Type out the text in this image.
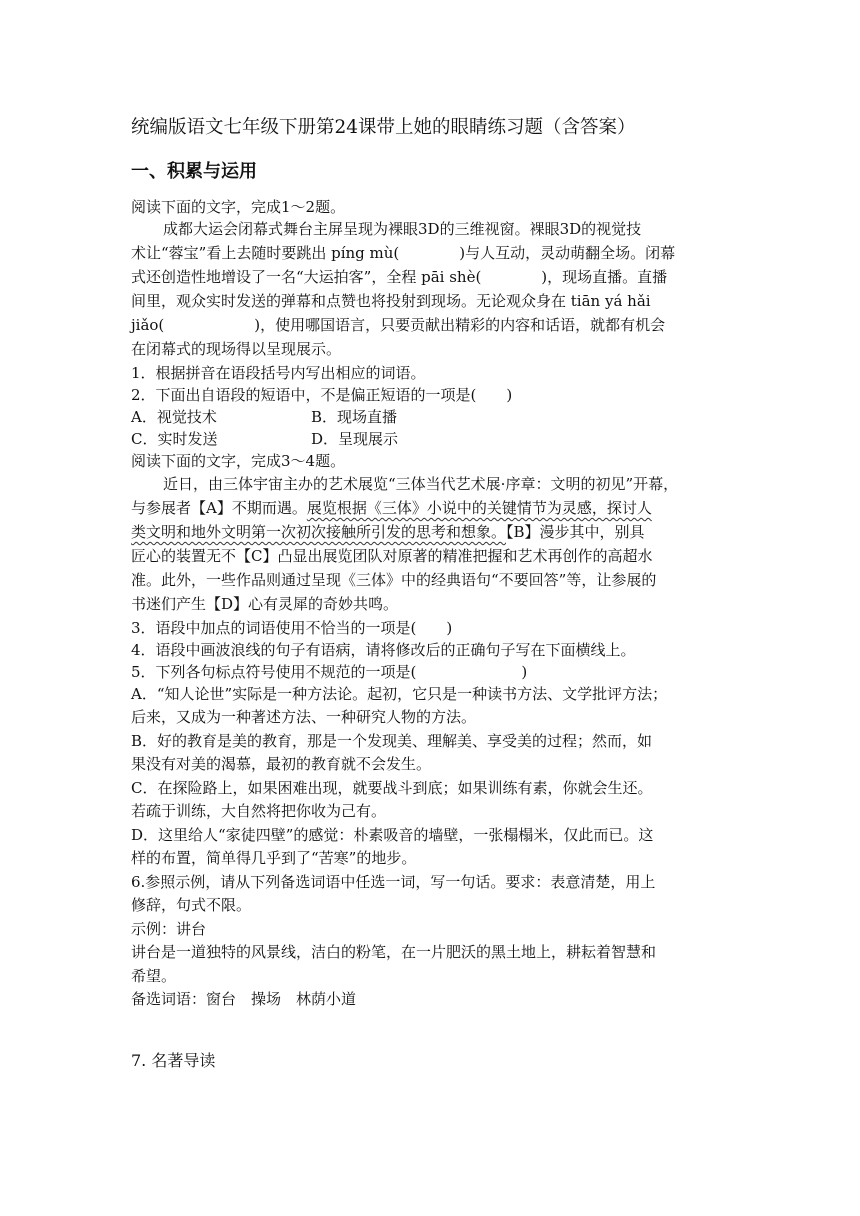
统编版语文七年级下册第24课带上她的眼睛练习题（含答案）
一、积累与运用
阅读下面的文字，完成1～2题。
成都大运会闭幕式舞台主屏呈现为裸眼3D的三维视窗。裸眼3D的视觉技
术让“蓉宝”看上去随时要跳出 píng mù(　　　　)与人互动，灵动萌翻全场。闭幕
式还创造性地增设了一名“大运拍客”，全程 pāi shè(　　　　)，现场直播。直播
间里，观众实时发送的弹幕和点赞也将投射到现场。无论观众身在 tiān yá hǎi
jiǎo(　　　　　　)，使用哪国语言，只要贡献出精彩的内容和话语，就都有机会
在闭幕式的现场得以呈现展示。
1．根据拼音在语段括号内写出相应的词语。
2．下面出自语段的短语中，不是偏正短语的一项是(　　)
A．视觉技术	B．现场直播
C．实时发送	D．呈现展示
阅读下面的文字，完成3～4题。
近日，由三体宇宙主办的艺术展览“三体当代艺术展·序章：文明的初见”开幕，
与参展者【A】不期而遇。展览根据《三体》小说中的关键情节为灵感，探讨人
类文明和地外文明第一次初次接触所引发的思考和想象。【B】漫步其中，别具
匠心的装置无不【C】凸显出展览团队对原著的精准把握和艺术再创作的高超水
准。此外，一些作品则通过呈现《三体》中的经典语句“不要回答”等，让参展的
书迷们产生【D】心有灵犀的奇妙共鸣。
3．语段中加点的词语使用不恰当的一项是(　　)
4．语段中画波浪线的句子有语病，请将修改后的正确句子写在下面横线上。
5．下列各句标点符号使用不规范的一项是(　　　　　　　)
A．“知人论世”实际是一种方法论。起初，它只是一种读书方法、文学批评方法；
后来，又成为一种著述方法、一种研究人物的方法。
B．好的教育是美的教育，那是一个发现美、理解美、享受美的过程；然而，如
果没有对美的渴慕，最初的教育就不会发生。
C．在探险路上，如果困难出现，就要战斗到底；如果训练有素，你就会生还。
若疏于训练，大自然将把你收为己有。
D．这里给人“家徒四壁”的感觉：朴素吸音的墙壁，一张榻榻米，仅此而已。这
样的布置，简单得几乎到了“苦寒”的地步。
6.参照示例，请从下列备选词语中任选一词，写一句话。要求：表意清楚，用上
修辞，句式不限。
示例：讲台
讲台是一道独特的风景线，洁白的粉笔，在一片肥沃的黑土地上，耕耘着智慧和
希望。
备选词语：窗台　操场　林荫小道
7. 名著导读
